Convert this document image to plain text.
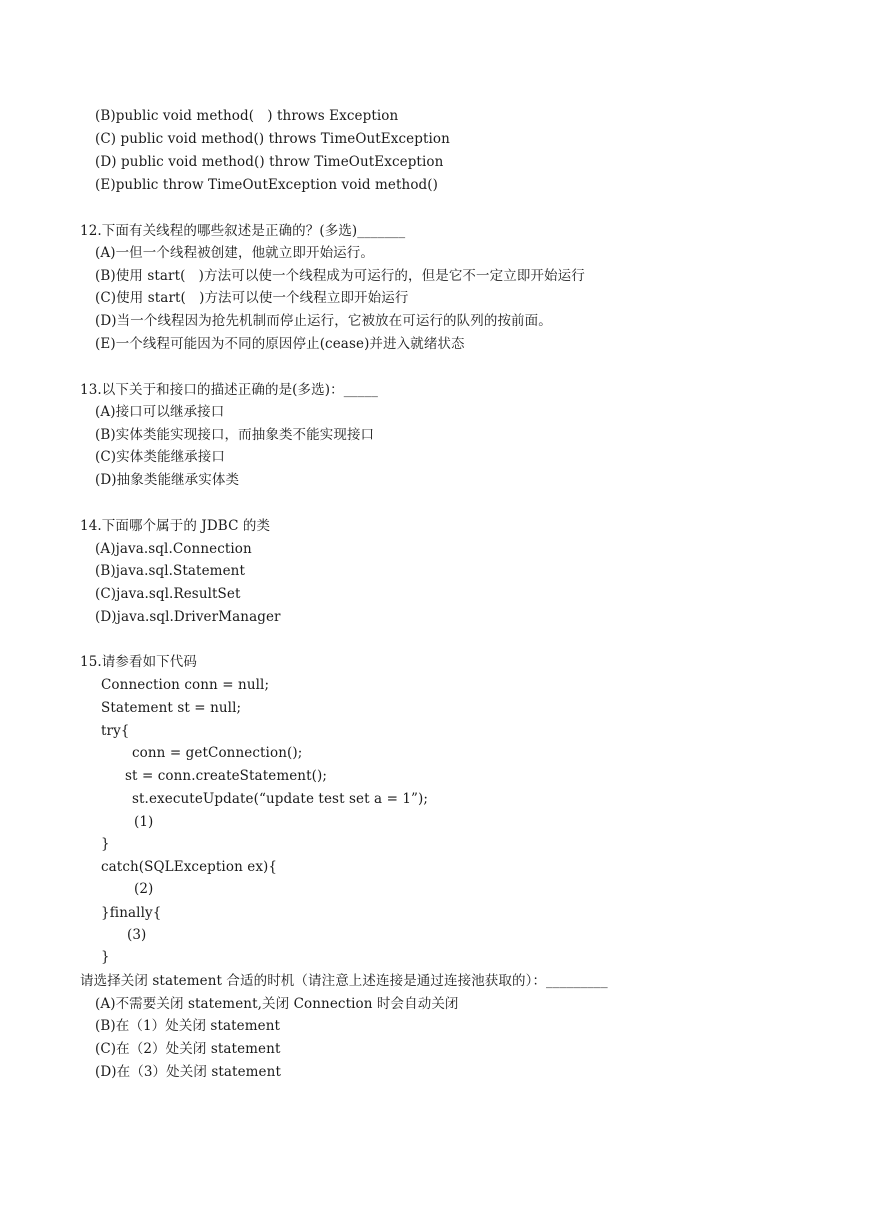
(B)public void method(   ) throws Exception
(C) public void method() throws TimeOutException
(D) public void method() throw TimeOutException
(E)public throw TimeOutException void method()
12.下面有关线程的哪些叙述是正确的？(多选)_______
(A)一但一个线程被创建，他就立即开始运行。
(B)使用 start(   )方法可以使一个线程成为可运行的，但是它不一定立即开始运行
(C)使用 start(   )方法可以使一个线程立即开始运行
(D)当一个线程因为抢先机制而停止运行，它被放在可运行的队列的按前面。
(E)一个线程可能因为不同的原因停止(cease)并进入就绪状态
13.以下关于和接口的描述正确的是(多选)：_____
(A)接口可以继承接口
(B)实体类能实现接口，而抽象类不能实现接口
(C)实体类能继承接口
(D)抽象类能继承实体类
14.下面哪个属于的 JDBC 的类
(A)java.sql.Connection
(B)java.sql.Statement
(C)java.sql.ResultSet
(D)java.sql.DriverManager
15.请参看如下代码
Connection conn = null;
Statement st = null;
try{
conn = getConnection();
st = conn.createStatement();
st.executeUpdate(“update test set a = 1”);
(1)
}
catch(SQLException ex){
(2)
}finally{
(3)
}
请选择关闭 statement 合适的时机（请注意上述连接是通过连接池获取的）：_________
(A)不需要关闭 statement,关闭 Connection 时会自动关闭
(B)在（1）处关闭 statement
(C)在（2）处关闭 statement
(D)在（3）处关闭 statement
